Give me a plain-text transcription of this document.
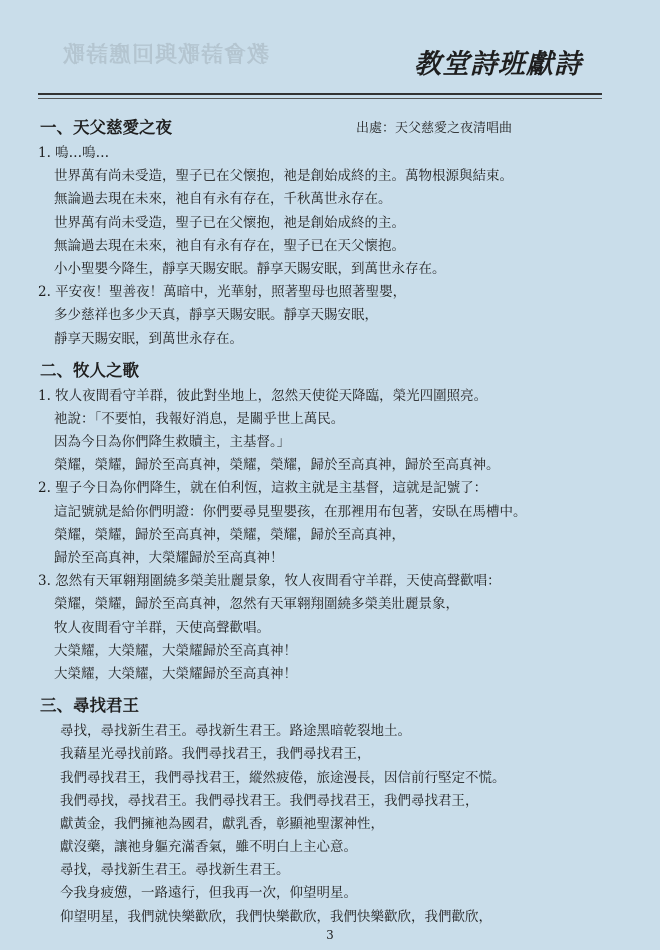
教會詩歌與回應詩歌	教堂詩班獻詩
一、天父慈愛之夜	出處：天父慈愛之夜清唱曲
1. 嗚…嗚…
世界萬有尚未受造，聖子已在父懷抱，祂是創始成終的主。萬物根源與結束。
無論過去現在未來，祂自有永有存在，千秋萬世永存在。
世界萬有尚未受造，聖子已在父懷抱，祂是創始成終的主。
無論過去現在未來，祂自有永有存在，聖子已在天父懷抱。
小小聖嬰今降生，靜享天賜安眠。靜享天賜安眠，到萬世永存在。
2. 平安夜！聖善夜！萬暗中，光華射，照著聖母也照著聖嬰，
多少慈祥也多少天真，靜享天賜安眠。靜享天賜安眠，
靜享天賜安眠，到萬世永存在。
二、牧人之歌
1. 牧人夜間看守羊群，彼此對坐地上，忽然天使從天降臨，榮光四圍照亮。
祂說：「不要怕，我報好消息，是關乎世上萬民。
因為今日為你們降生救贖主，主基督。」
榮耀，榮耀，歸於至高真神，榮耀，榮耀，歸於至高真神，歸於至高真神。
2. 聖子今日為你們降生，就在伯利恆，這救主就是主基督，這就是記號了：
這記號就是給你們明證：你們要尋見聖嬰孩，在那裡用布包著，安臥在馬槽中。
榮耀，榮耀，歸於至高真神，榮耀，榮耀，歸於至高真神，
歸於至高真神，大榮耀歸於至高真神！
3. 忽然有天軍翱翔圍繞多榮美壯麗景象，牧人夜間看守羊群，天使高聲歡唱：
榮耀，榮耀，歸於至高真神，忽然有天軍翱翔圍繞多榮美壯麗景象，
牧人夜間看守羊群，天使高聲歡唱。
大榮耀，大榮耀，大榮耀歸於至高真神！
大榮耀，大榮耀，大榮耀歸於至高真神！
三、尋找君王
尋找，尋找新生君王。尋找新生君王。路途黑暗乾裂地土。
我藉星光尋找前路。我們尋找君王，我們尋找君王，
我們尋找君王，我們尋找君王，縱然疲倦，旅途漫長，因信前行堅定不慌。
我們尋找，尋找君王。我們尋找君王。我們尋找君王，我們尋找君王，
獻黃金，我們擁祂為國君，獻乳香，彰顯祂聖潔神性，
獻沒藥，讓祂身軀充滿香氣，雖不明白上主心意。
尋找，尋找新生君王。尋找新生君王。
今我身疲憊，一路遠行，但我再一次，仰望明星。
仰望明星，我們就快樂歡欣，我們快樂歡欣，我們快樂歡欣，我們歡欣，
3
